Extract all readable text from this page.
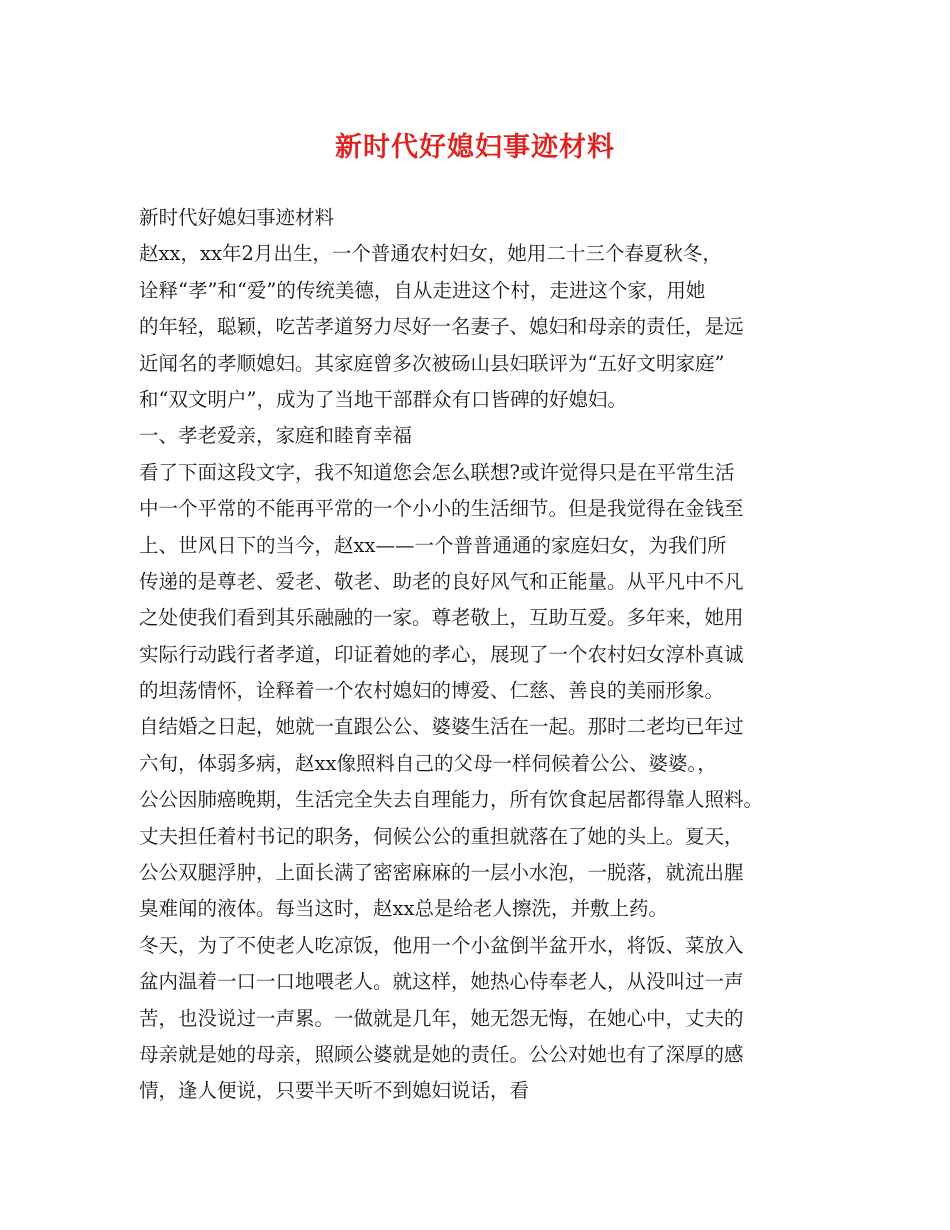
新时代好媳妇事迹材料
新时代好媳妇事迹材料
赵xx，xx年2月出生，一个普通农村妇女，她用二十三个春夏秋冬，
诠释“孝”和“爱”的传统美德，自从走进这个村，走进这个家，用她
的年轻，聪颖，吃苦孝道努力尽好一名妻子、媳妇和母亲的责任，是远
近闻名的孝顺媳妇。其家庭曾多次被砀山县妇联评为“五好文明家庭”
和“双文明户”，成为了当地干部群众有口皆碑的好媳妇。
一、孝老爱亲，家庭和睦育幸福
看了下面这段文字，我不知道您会怎么联想?或许觉得只是在平常生活
中一个平常的不能再平常的一个小小的生活细节。但是我觉得在金钱至
上、世风日下的当今，赵xx——一个普普通通的家庭妇女，为我们所
传递的是尊老、爱老、敬老、助老的良好风气和正能量。从平凡中不凡
之处使我们看到其乐融融的一家。尊老敬上，互助互爱。多年来，她用
实际行动践行者孝道，印证着她的孝心，展现了一个农村妇女淳朴真诚
的坦荡情怀，诠释着一个农村媳妇的博爱、仁慈、善良的美丽形象。
自结婚之日起，她就一直跟公公、婆婆生活在一起。那时二老均已年过
六旬，体弱多病，赵xx像照料自己的父母一样伺候着公公、婆婆。，
公公因肺癌晚期，生活完全失去自理能力，所有饮食起居都得靠人照料。
丈夫担任着村书记的职务，伺候公公的重担就落在了她的头上。夏天，
公公双腿浮肿，上面长满了密密麻麻的一层小水泡，一脱落，就流出腥
臭难闻的液体。每当这时，赵xx总是给老人擦洗，并敷上药。
冬天，为了不使老人吃凉饭，他用一个小盆倒半盆开水，将饭、菜放入
盆内温着一口一口地喂老人。就这样，她热心侍奉老人，从没叫过一声
苦，也没说过一声累。一做就是几年，她无怨无悔，在她心中，丈夫的
母亲就是她的母亲，照顾公婆就是她的责任。公公对她也有了深厚的感
情，逢人便说，只要半天听不到媳妇说话，看
